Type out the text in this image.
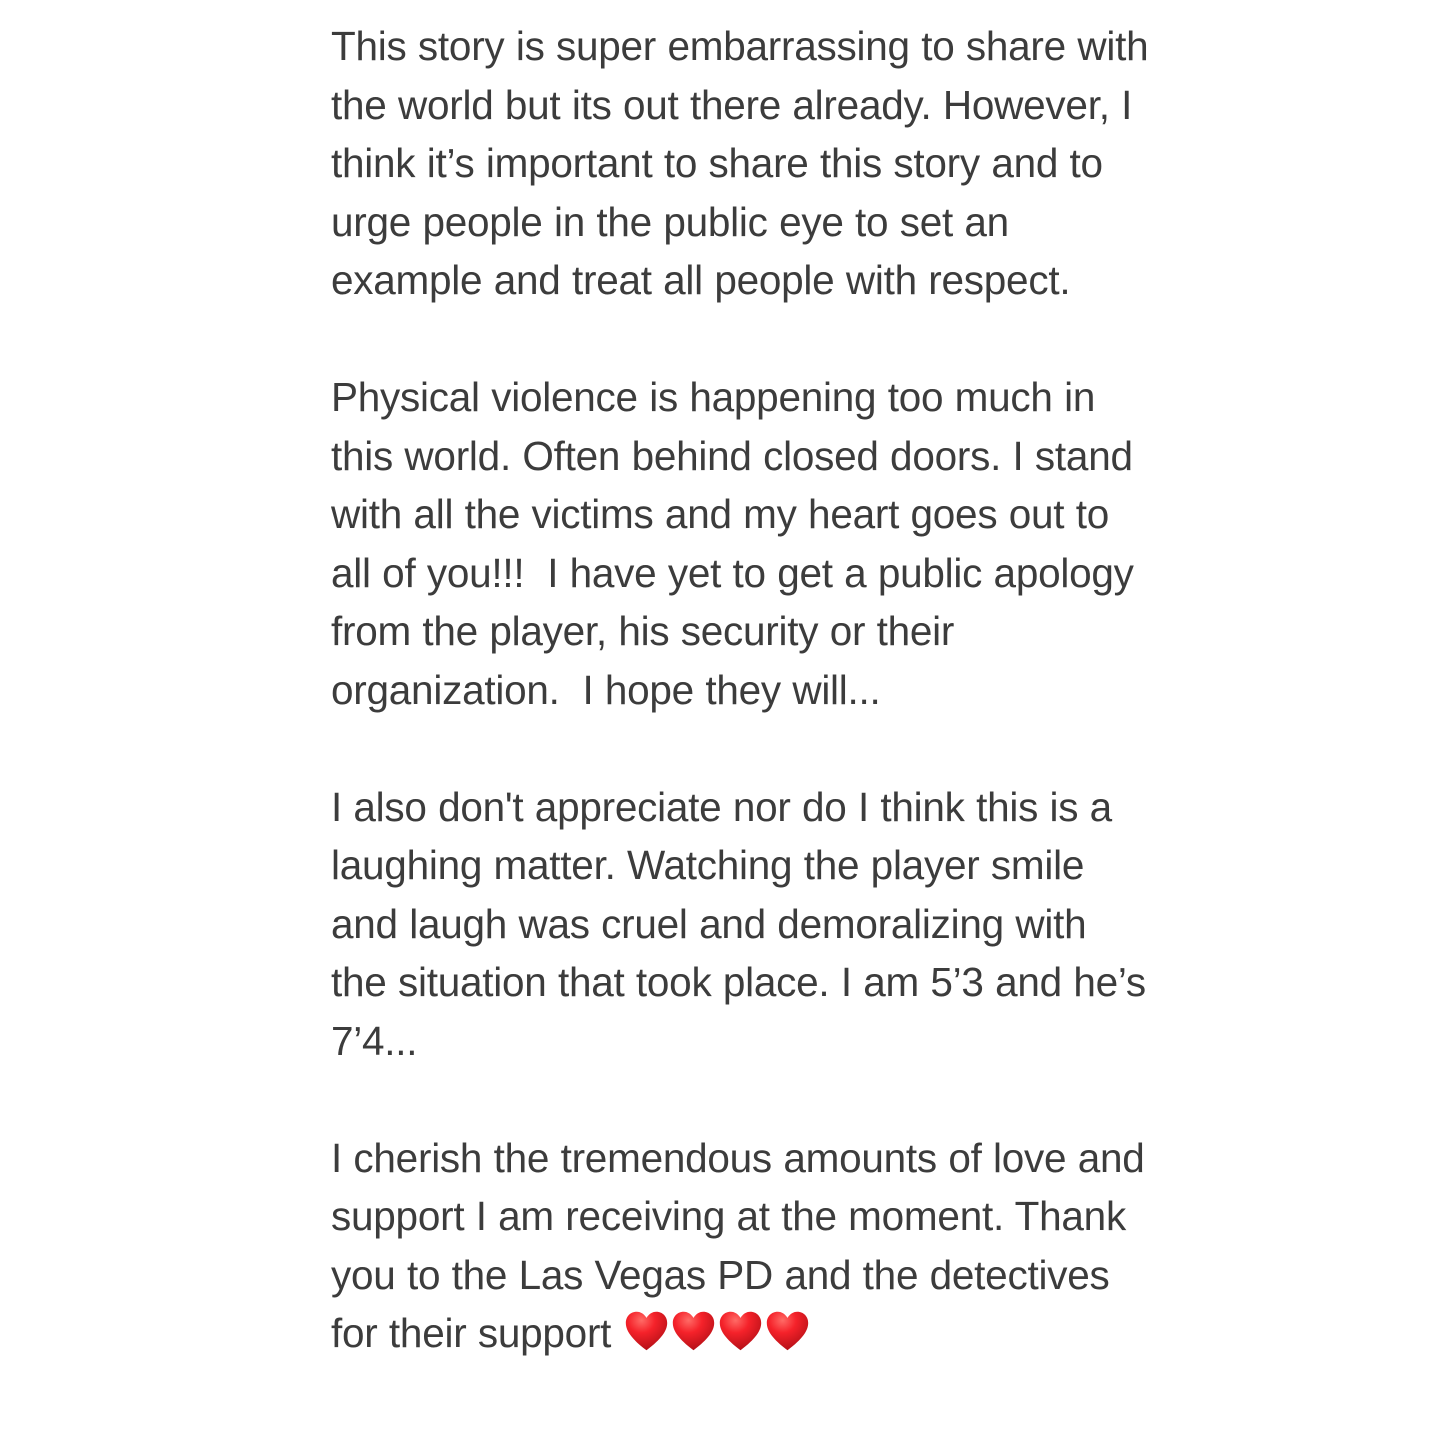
This story is super embarrassing to share with the world but its out there already. However, I think it’s important to share this story and to urge people in the public eye to set an example and treat all people with respect.

Physical violence is happening too much in this world. Often behind closed doors. I stand with all the victims and my heart goes out to all of you!!!  I have yet to get a public apology from the player, his security or their organization.  I hope they will...

I also don't appreciate nor do I think this is a laughing matter. Watching the player smile and laugh was cruel and demoralizing with the situation that took place. I am 5’3 and he’s 7’4...

I cherish the tremendous amounts of love and support I am receiving at the moment. Thank you to the Las Vegas PD and the detectives for their support
